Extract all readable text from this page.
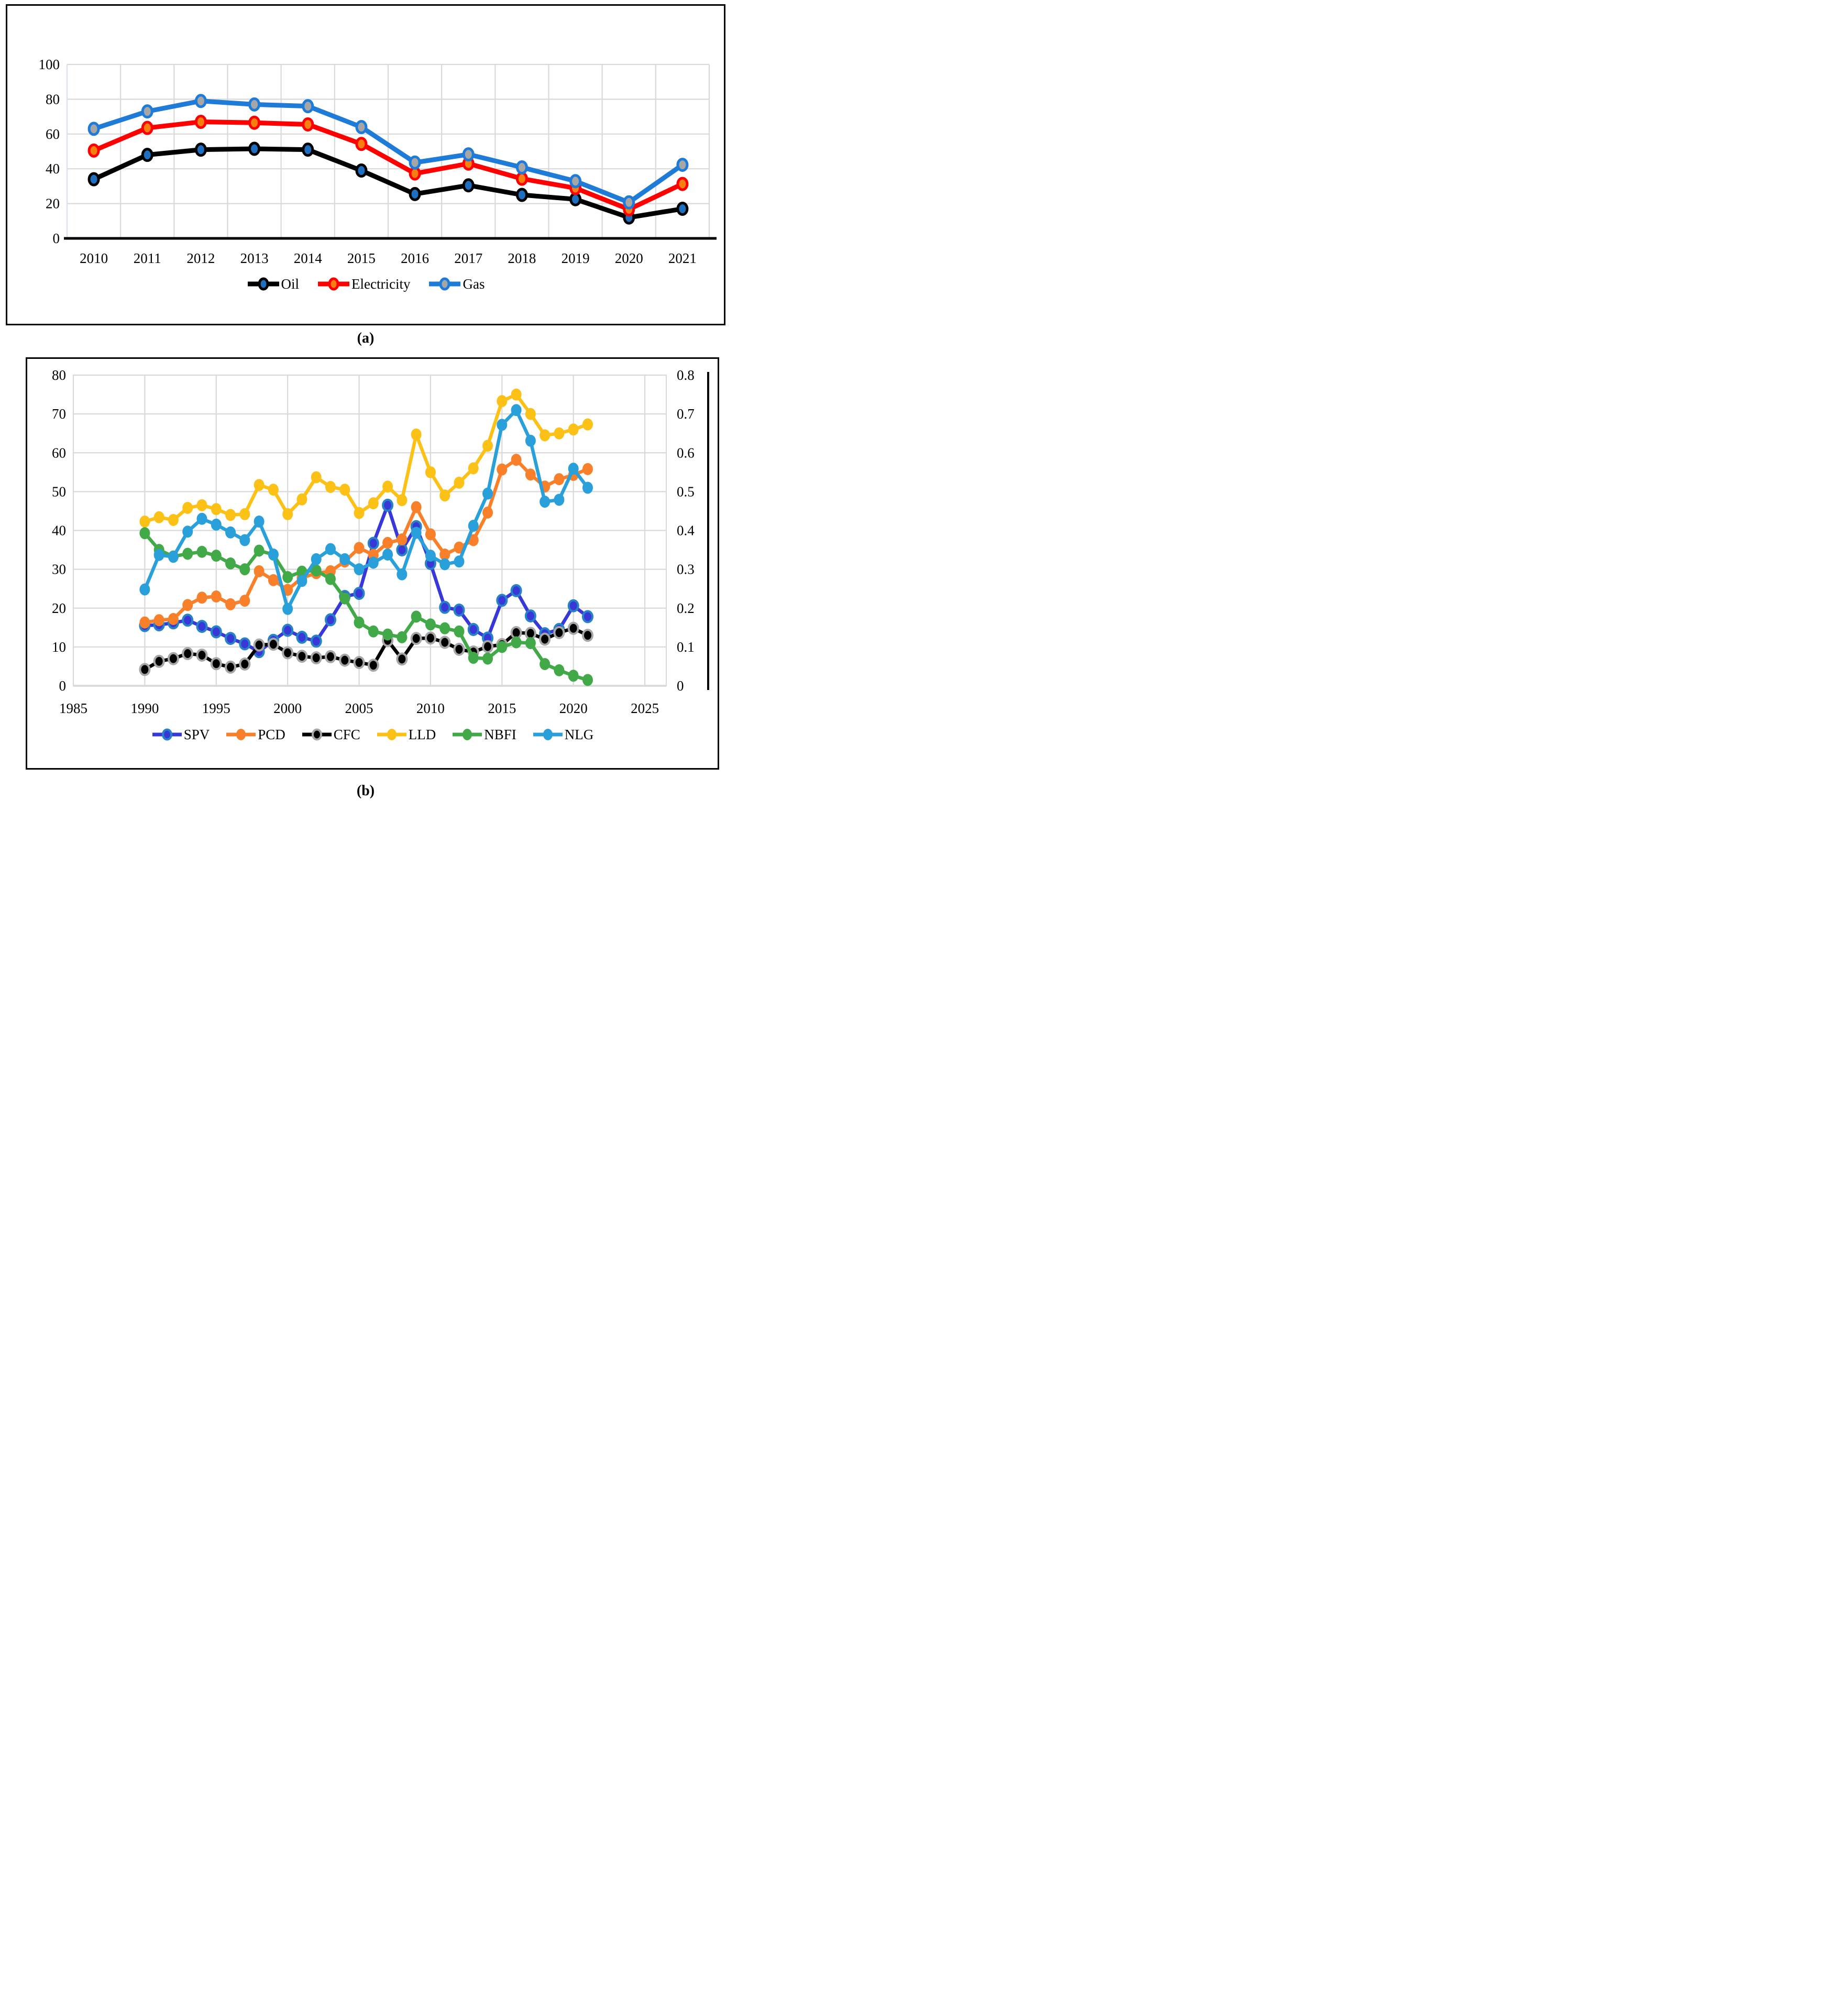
0
20
40
60
80
100
2010 2011 2012 2013 2014 2015 2016 2017 2018 2019 2020 2021
Oil	Electricity	Gas
(a)
0	0
10	0.1
20	0.2
30	0.3
40	0.4
50	0.5
60	0.6
70	0.7
80	0.8
1985	1990	1995	2000	2005	2010	2015	2020	2025
SPV	PCD	CFC	LLD	NBFI	NLG
(b)
